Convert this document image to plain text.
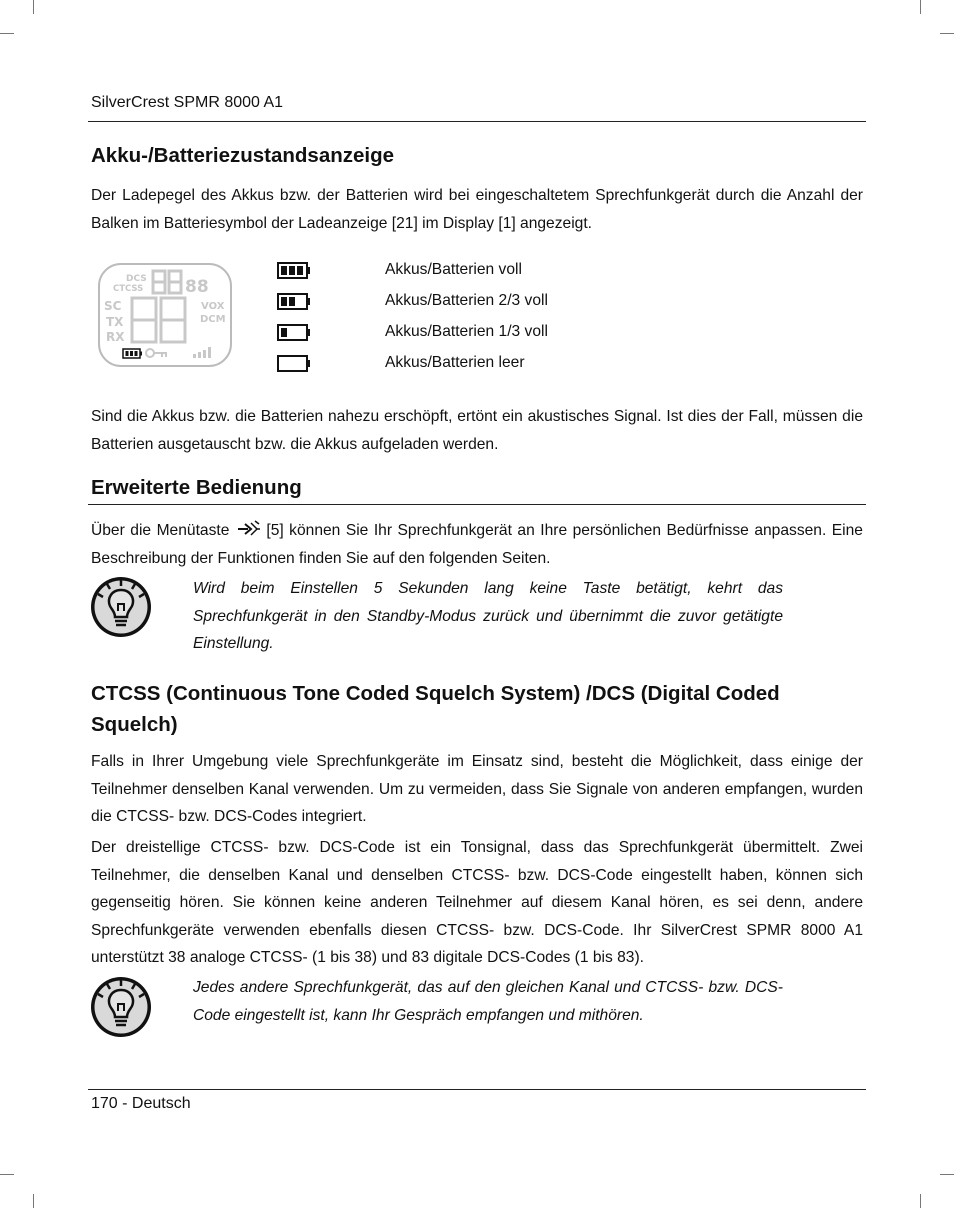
SilverCrest SPMR 8000 A1
Akku-/Batteriezustandsanzeige

Der Ladepegel des Akkus bzw. der Batterien wird bei eingeschaltetem Sprechfunkgerät durch die Anzahl der Balken im Batteriesymbol der Ladeanzeige [21] im Display [1] angezeigt.

DCS
CTCSS
SC
TX
RX
VOX
DCM
88
Akkus/Batterien voll
Akkus/Batterien 2/3 voll
Akkus/Batterien 1/3 voll
Akkus/Batterien leer

Sind die Akkus bzw. die Batterien nahezu erschöpft, ertönt ein akustisches Signal. Ist dies der Fall, müssen die Batterien ausgetauscht bzw. die Akkus aufgeladen werden.

Erweiterte Bedienung

Über die Menütaste [5] können Sie Ihr Sprechfunkgerät an Ihre persönlichen Bedürfnisse anpassen. Eine Beschreibung der Funktionen finden Sie auf den folgenden Seiten.

Wird beim Einstellen 5 Sekunden lang keine Taste betätigt, kehrt das Sprechfunkgerät in den Standby-Modus zurück und übernimmt die zuvor getätigte Einstellung.

CTCSS (Continuous Tone Coded Squelch System) /DCS (Digital Coded Squelch)

Falls in Ihrer Umgebung viele Sprechfunkgeräte im Einsatz sind, besteht die Möglichkeit, dass einige der Teilnehmer denselben Kanal verwenden. Um zu vermeiden, dass Sie Signale von anderen empfangen, wurden die CTCSS- bzw. DCS-Codes integriert.

Der dreistellige CTCSS- bzw. DCS-Code ist ein Tonsignal, dass das Sprechfunkgerät übermittelt. Zwei Teilnehmer, die denselben Kanal und denselben CTCSS- bzw. DCS-Code eingestellt haben, können sich gegenseitig hören. Sie können keine anderen Teilnehmer auf diesem Kanal hören, es sei denn, andere Sprechfunkgeräte verwenden ebenfalls diesen CTCSS- bzw. DCS-Code. Ihr SilverCrest SPMR 8000 A1 unterstützt 38 analoge CTCSS- (1 bis 38) und 83 digitale DCS-Codes (1 bis 83).

Jedes andere Sprechfunkgerät, das auf den gleichen Kanal und CTCSS- bzw. DCS-Code eingestellt ist, kann Ihr Gespräch empfangen und mithören.

170 - Deutsch
